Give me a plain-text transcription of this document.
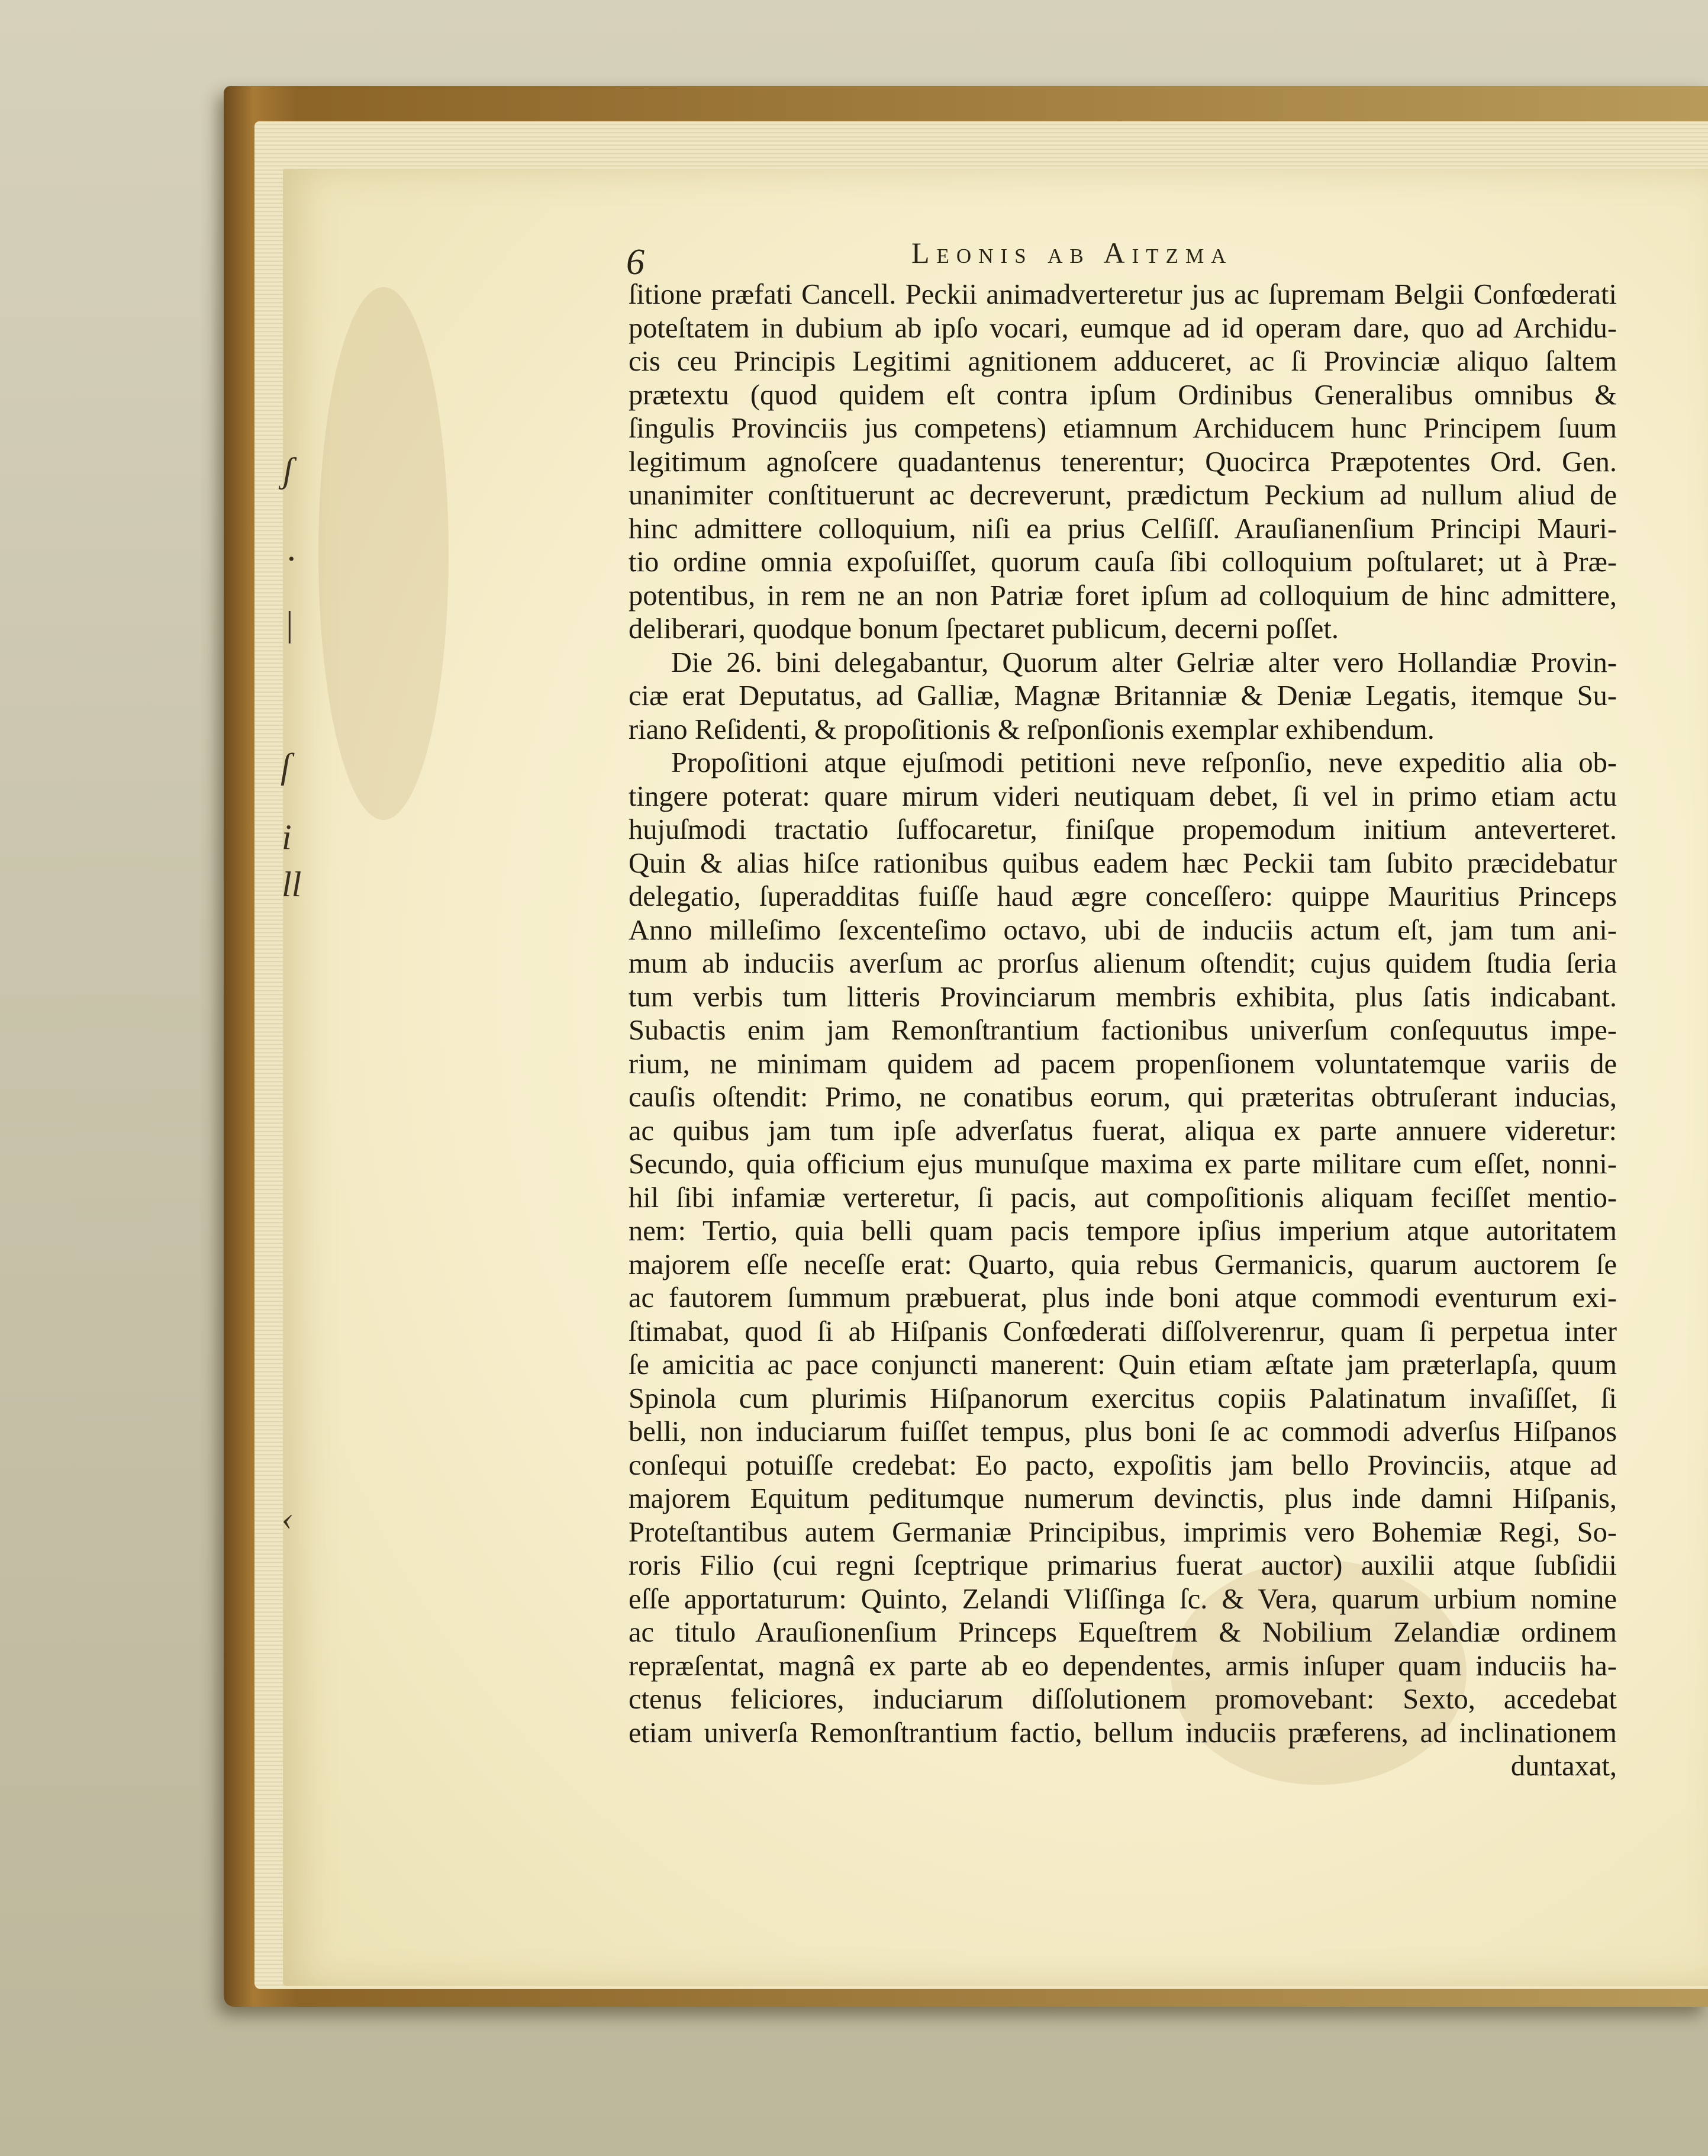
ʃ
·
|
ſ
i
ll
‹
6	Leonis ab Aitzma
ſitione præfati Cancell. Peckii animadverteretur jus ac ſupremam Belgii Confœderati
poteſtatem in dubium ab ipſo vocari, eumque ad id operam dare, quo ad Archidu-
cis ceu Principis Legitimi agnitionem adduceret, ac ſi Provinciæ aliquo ſaltem
prætextu (quod quidem eſt contra ipſum Ordinibus Generalibus omnibus &
ſingulis Provinciis jus competens) etiamnum Archiducem hunc Principem ſuum
legitimum agnoſcere quadantenus tenerentur; Quocirca Præpotentes Ord. Gen.
unanimiter conſtituerunt ac decreverunt, prædictum Peckium ad nullum aliud de
hinc admittere colloquium, niſi ea prius Celſiſſ. Arauſianenſium Principi Mauri-
tio ordine omnia expoſuiſſet, quorum cauſa ſibi colloquium poſtularet; ut à Præ-
potentibus, in rem ne an non Patriæ foret ipſum ad colloquium de hinc admittere,
deliberari, quodque bonum ſpectaret publicum, decerni poſſet.
Die 26. bini delegabantur, Quorum alter Gelriæ alter vero Hollandiæ Provin-
ciæ erat Deputatus, ad Galliæ, Magnæ Britanniæ & Deniæ Legatis, itemque Su-
riano Reſidenti, & propoſitionis & reſponſionis exemplar exhibendum.
Propoſitioni atque ejuſmodi petitioni neve reſponſio, neve expeditio alia ob-
tingere poterat: quare mirum videri neutiquam debet, ſi vel in primo etiam actu
hujuſmodi tractatio ſuffocaretur, finiſque propemodum initium anteverteret.
Quin & alias hiſce rationibus quibus eadem hæc Peckii tam ſubito præcidebatur
delegatio, ſuperadditas fuiſſe haud ægre conceſſero: quippe Mauritius Princeps
Anno milleſimo ſexcenteſimo octavo, ubi de induciis actum eſt, jam tum ani-
mum ab induciis averſum ac prorſus alienum oſtendit; cujus quidem ſtudia ſeria
tum verbis tum litteris Provinciarum membris exhibita, plus ſatis indicabant.
Subactis enim jam Remonſtrantium factionibus univerſum conſequutus impe-
rium, ne minimam quidem ad pacem propenſionem voluntatemque variis de
cauſis oſtendit: Primo, ne conatibus eorum, qui præteritas obtruſerant inducias,
ac quibus jam tum ipſe adverſatus fuerat, aliqua ex parte annuere videretur:
Secundo, quia officium ejus munuſque maxima ex parte militare cum eſſet, nonni-
hil ſibi infamiæ verteretur, ſi pacis, aut compoſitionis aliquam feciſſet mentio-
nem: Tertio, quia belli quam pacis tempore ipſius imperium atque autoritatem
majorem eſſe neceſſe erat: Quarto, quia rebus Germanicis, quarum auctorem ſe
ac fautorem ſummum præbuerat, plus inde boni atque commodi eventurum exi-
ſtimabat, quod ſi ab Hiſpanis Confœderati diſſolverenrur, quam ſi perpetua inter
ſe amicitia ac pace conjuncti manerent: Quin etiam æſtate jam præterlapſa, quum
Spinola cum plurimis Hiſpanorum exercitus copiis Palatinatum invaſiſſet, ſi
belli, non induciarum fuiſſet tempus, plus boni ſe ac commodi adverſus Hiſpanos
conſequi potuiſſe credebat: Eo pacto, expoſitis jam bello Provinciis, atque ad
majorem Equitum peditumque numerum devinctis, plus inde damni Hiſpanis,
Proteſtantibus autem Germaniæ Principibus, imprimis vero Bohemiæ Regi, So-
roris Filio (cui regni ſceptrique primarius fuerat auctor) auxilii atque ſubſidii
eſſe apportaturum: Quinto, Zelandi Vliſſinga ſc. & Vera, quarum urbium nomine
ac titulo Arauſionenſium Princeps Equeſtrem & Nobilium Zelandiæ ordinem
repræſentat, magnâ ex parte ab eo dependentes, armis inſuper quam induciis ha-
ctenus feliciores, induciarum diſſolutionem promovebant: Sexto, accedebat
etiam univerſa Remonſtrantium factio, bellum induciis præferens, ad inclinationem
duntaxat,
